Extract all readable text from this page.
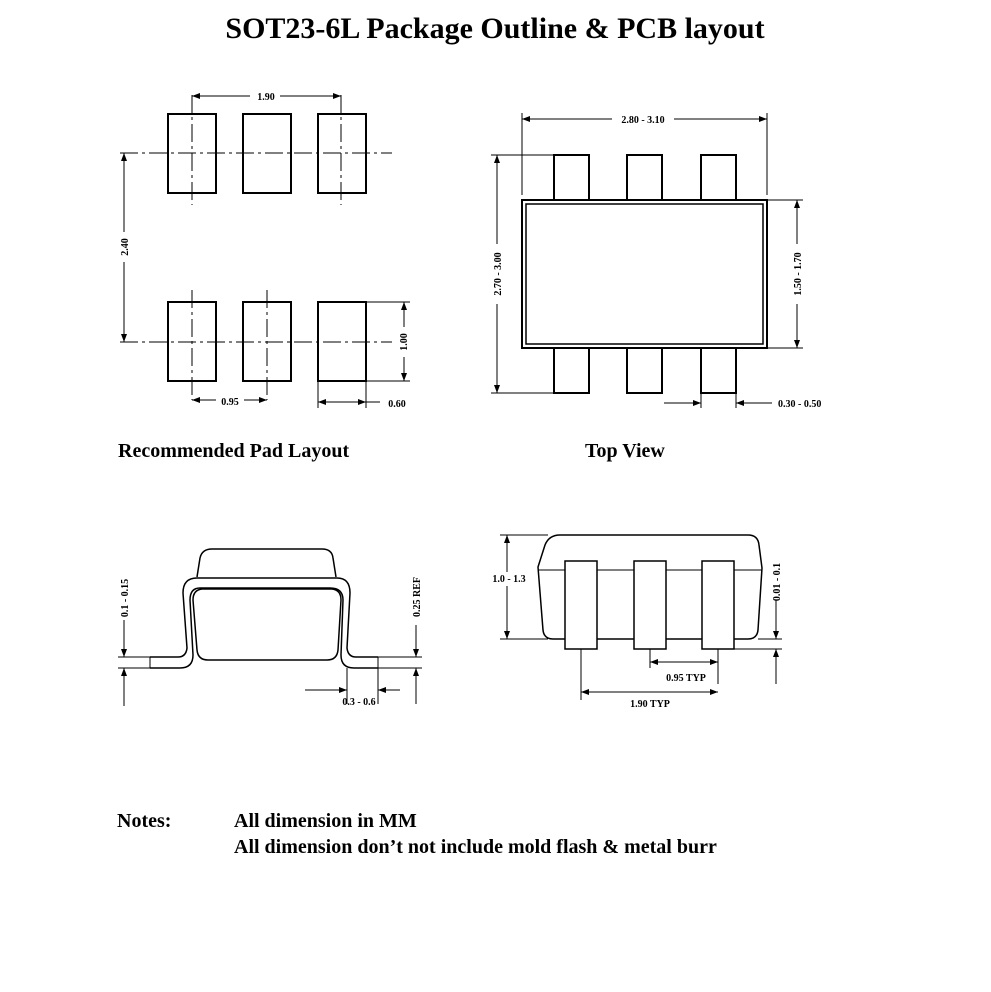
SOT23-6L Package Outline & PCB layout
1.90
2.40
0.95
1.00
0.60
Recommended Pad Layout
2.80 - 3.10
2.70 - 3.00	1.50 - 1.70
0.30 - 0.50
Top View
0.1 - 0.15	0.25 REF
0.3 - 0.6
1.0 - 1.3	0.01 - 0.1
0.95 TYP
1.90 TYP
Notes:	All dimension in MM
All dimension don’t not include mold flash & metal burr
